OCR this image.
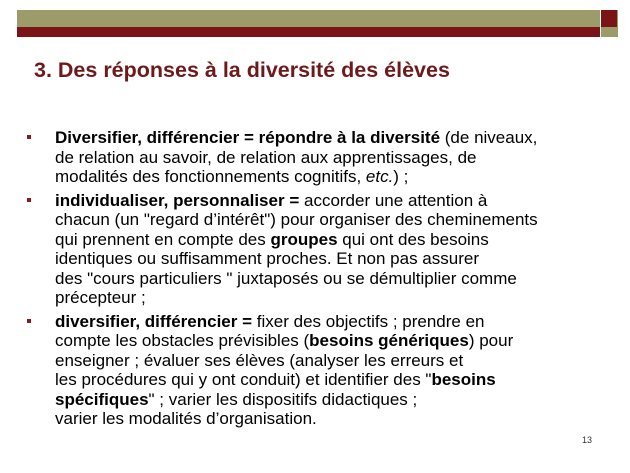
3. Des réponses à la diversité des élèves
Diversifier, différencier = répondre à la diversité (de niveaux,
de relation au savoir, de relation aux apprentissages, de
modalités des fonctionnements cognitifs, etc.) ;
individualiser, personnaliser = accorder une attention à
chacun (un "regard d’intérêt") pour organiser des cheminements
qui prennent en compte des groupes qui ont des besoins
identiques ou suffisamment proches. Et non pas assurer
des "cours particuliers " juxtaposés ou se démultiplier comme
précepteur ;
diversifier, différencier = fixer des objectifs ; prendre en
compte les obstacles prévisibles (besoins génériques) pour
enseigner ; évaluer ses élèves (analyser les erreurs et
les procédures qui y ont conduit) et identifier des "besoins
spécifiques" ; varier les dispositifs didactiques ;
varier les modalités d’organisation.
13
